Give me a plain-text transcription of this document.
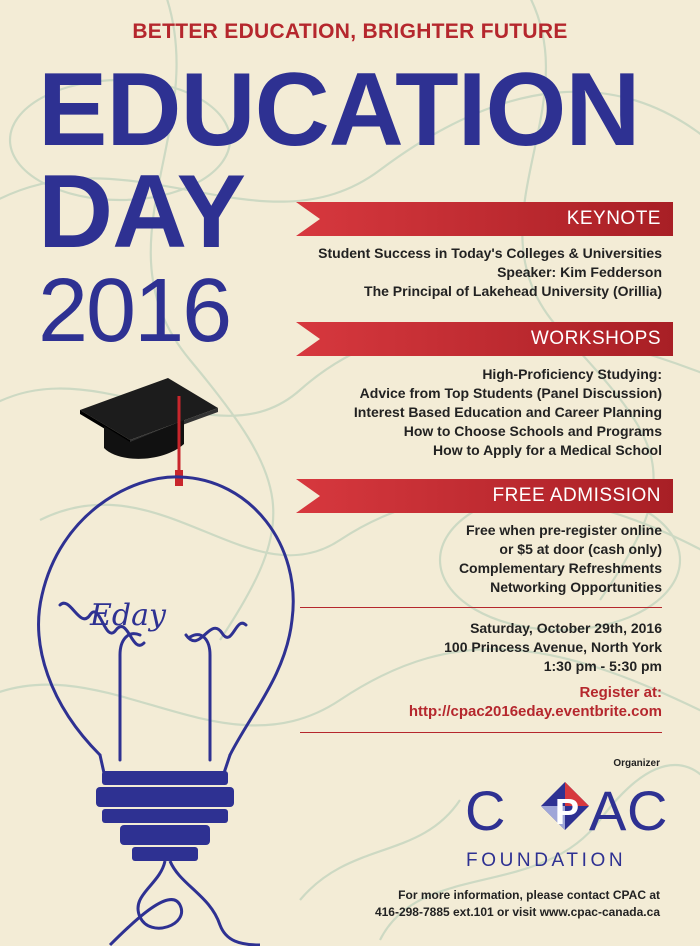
BETTER EDUCATION, BRIGHTER FUTURE
EDUCATION
DAY
2016
Eday
KEYNOTE
Student Success in Today's Colleges & Universities
Speaker: Kim Fedderson
The Principal of Lakehead University (Orillia)
WORKSHOPS
High-Proficiency Studying:
Advice from Top Students (Panel Discussion)
Interest Based Education and Career Planning
How to Choose Schools and Programs
How to Apply for a Medical School
FREE ADMISSION
Free when pre-register online
or $5 at door (cash only)
Complementary Refreshments
Networking Opportunities
Saturday, October 29th, 2016
100 Princess Avenue, North York
1:30 pm - 5:30 pm
Register at:
http://cpac2016eday.eventbrite.com
Organizer
C P A C
FOUNDATION
For more information, please contact CPAC at
416-298-7885 ext.101 or visit www.cpac-canada.ca
